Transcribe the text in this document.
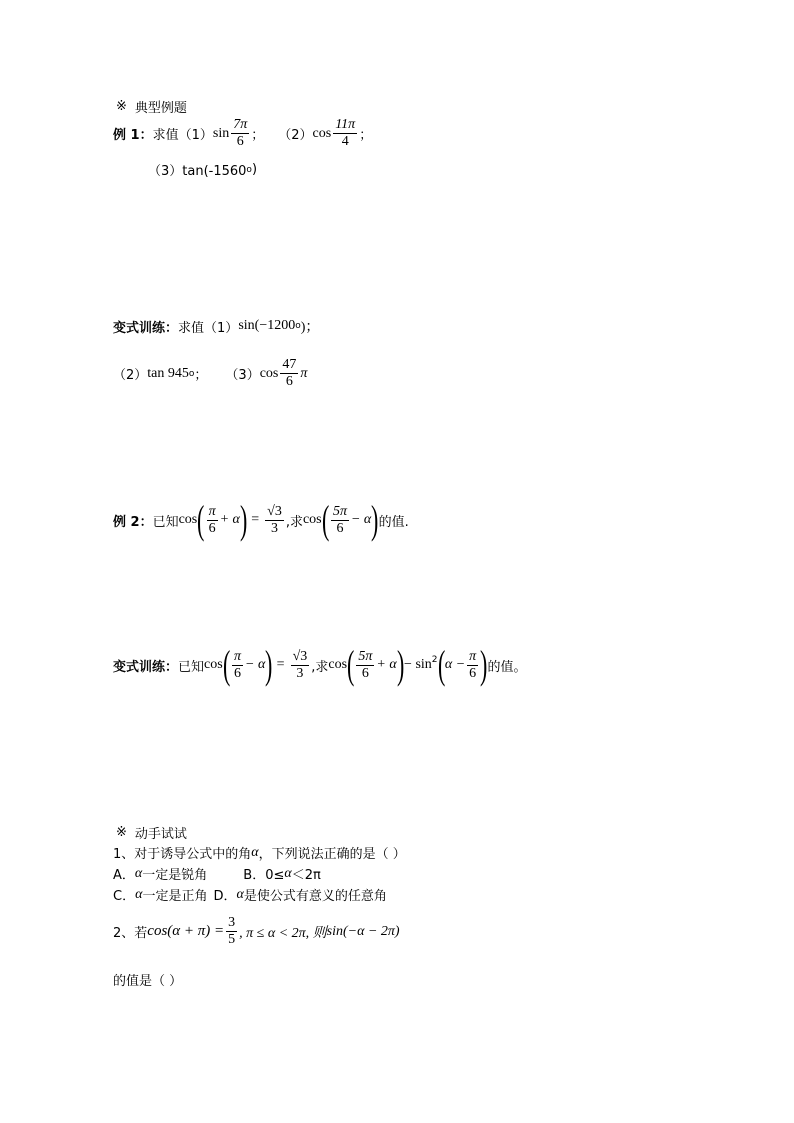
※ 典型例题
例 1： 求值 （1） $\sin \frac{7\pi}{6}$ ； （2） $\cos \frac{11\pi}{4}$ ；
（3）tan(-1560 o )
变式训练： 求值 （1） sin(−1200 o )；
（2） tan 945 o ； （3） $\cos \frac{47}{6}$ π
例 2： 已知 cos ( $\frac{\pi}{6} + \alpha$ ) = $\frac{√3}{3}$ ,求 cos ( $\frac{5\pi}{6} - \alpha$ ) 的值.
变式训练： 已知 cos ( $\frac{\pi}{6} - \alpha$ ) = $\frac{√3}{3}$ ,求 cos ( $\frac{5\pi}{6} + \alpha$ ) − $\sin^2$ ( $\alpha - \frac{\pi}{6}$ ) 的值。
※ 动手试试
1、对于诱导公式中的角 α ，下列说法正确的是（ ）
A． α 一定是锐角	B．0≤ α ＜2π
C． α 一定是正角 D． α 是使公式有意义的任意角
2、若 $\cos(\alpha + \pi) = \frac{3}{5}$ , π ≤ α < 2π, 则 sin(−α − 2π)
的值是（ ）
